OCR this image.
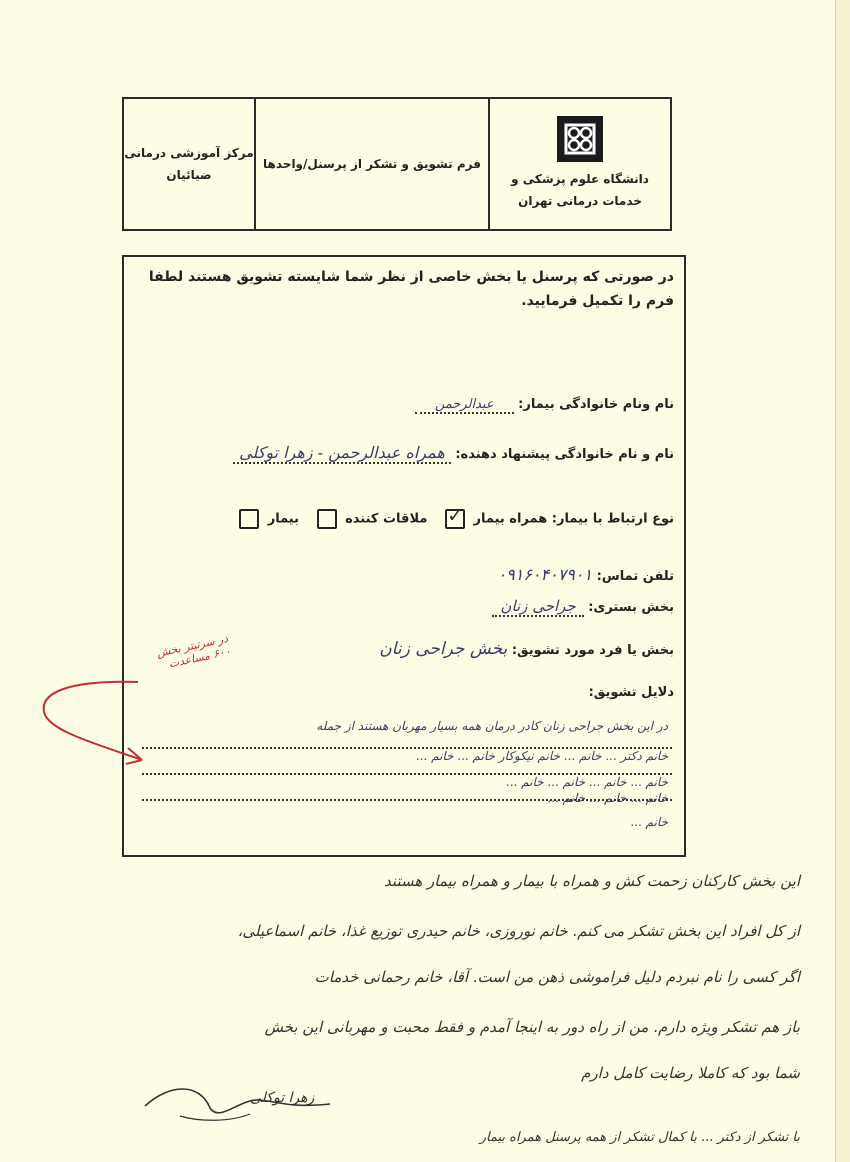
مرکز آموزشی درمانی
ضیائیان
فرم تشویق و تشکر از پرسنل/واحدها
دانشگاه علوم پزشکی و
خدمات درمانی تهران
در صورتی که پرسنل یا بخش خاصی از نظر شما شایسته تشویق هستند لطفا فرم را تکمیل فرمایید.
نام ونام خانوادگی بیمار: عبدالرحمن
نام و نام خانوادگی پیشنهاد دهنده: همراه عبدالرحمن - زهرا توکلی
نوع ارتباط با بیمار: همراه بیمار ✓   ملاقات کننده    بیمار
تلفن تماس: ۰۹۱۶۰۴۰۷۹۰۱
بخش بستری: جراحی زنان
بخش یا فرد مورد تشویق: بخش جراحی زنان
دلایل تشویق:
در این بخش جراحی زنان کادر درمان همه بسیار مهربان هستند از جمله
خانم دکتر ... خانم ... خانم نیکوکار خانم ... خانم ...
خانم ... خانم ... خانم ... خانم ...
خانم ... خانم ... خانم ...
خانم ...
در سرتیتر بخش ۶۰۰ مساعدت
این بخش کارکنان زحمت کش و همراه با بیمار و همراه بیمار هستند
از کل افراد این بخش تشکر می کنم. خانم نوروزی، خانم حیدری توزیع غذا، خانم اسماعیلی،
اگر کسی را نام نبردم دلیل فراموشی ذهن من است. آقا، خانم رحمانی خدمات
باز هم تشکر ویژه دارم. من از راه دور به اینجا آمدم و فقط محبت و مهربانی این بخش
شما بود که کاملا رضایت کامل دارم
با تشکر از دکتر ... با کمال تشکر از همه پرسنل همراه بیمار
زهرا توکلی
